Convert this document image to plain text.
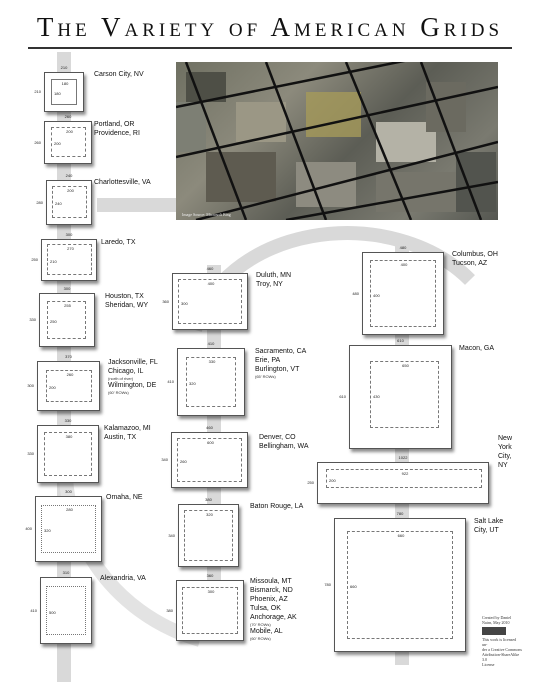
The Variety of American Grids
Image Source: Microsoft Bing
210
210
180
180
Carson City, NV
260
260
200
200
Portland, OR
Providence, RI
240
280
200
240
Charlottesville, VA
300
250
270
210
Laredo, TX
300
330
255
250
Houston, TX
Sheridan, WY
370
300
260
200
Jacksonville, FL
Chicago, IL
(north of river)
Wilmington, DE
(60' ROWs)
330
330
380
Kalamazoo, MI
Austin, TX
300
400
280
320
Omaha, NE
310
410	500
Alexandria, VA
460
360
400
300
Duluth, MN
Troy, NY
410
410
330
320
Sacramento, CA
Erie, PA
Burlington, VT
(65' ROWs)
460
340
600
260
Denver, CO
Bellingham, WA
380
340
320
Baton Rouge, LA
360
380
300
Missoula, MT
Bismarck, ND
Phoenix, AZ
Tulsa, OK
Anchorage, AK
(70' ROWs)
Mobile, AL
(60' ROWs)
480
480
400
400
Columbus, OH
Tucson, AZ
610
610
650
430
Macon, GA
1022
250
922
200
New
York
City,
NY
780
780
660
660
Salt Lake
City, UT
Created by Daniel
Nairn, May 2010
This work is licensed un-
der a Creative Commons
Attribution-ShareAlike 3.0
License
